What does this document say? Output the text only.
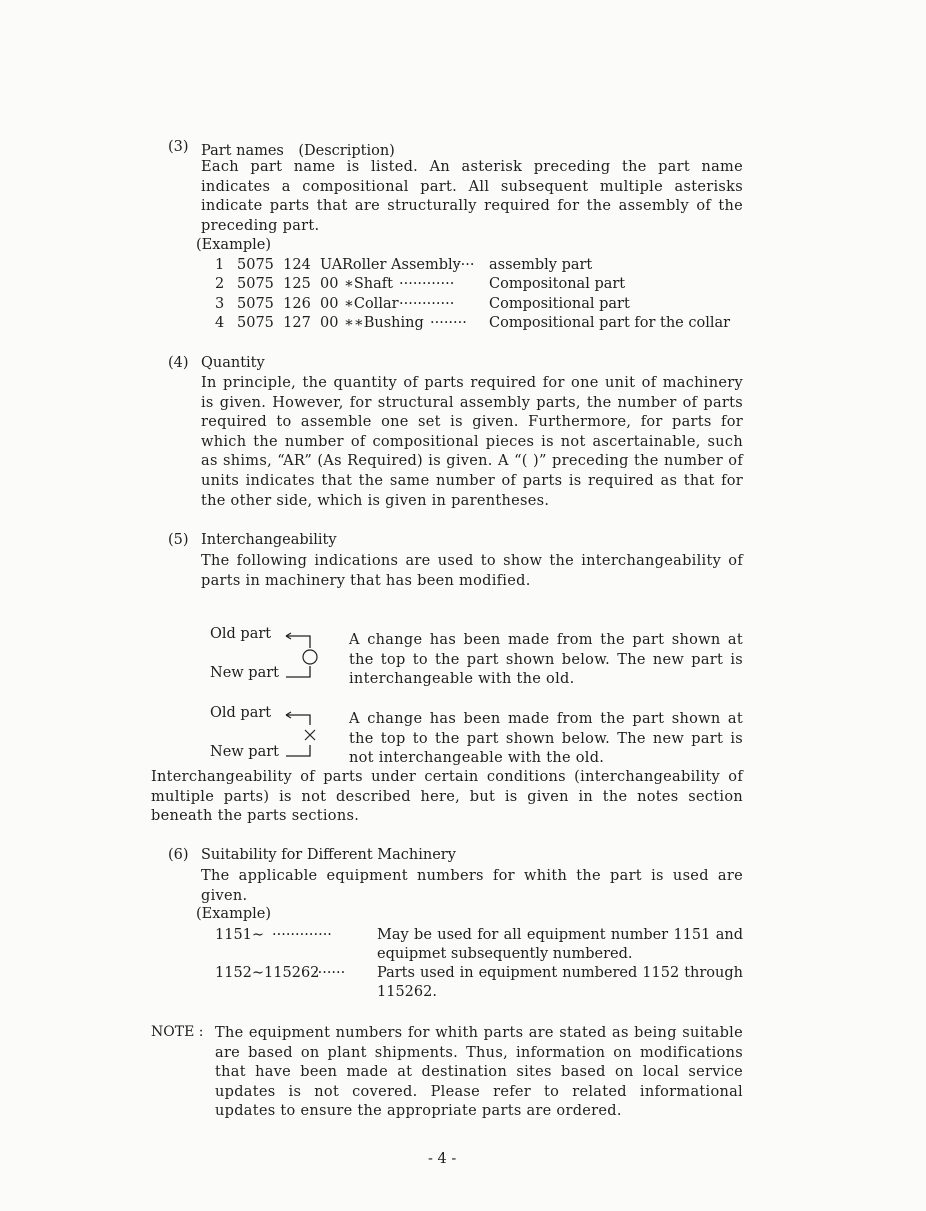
(3) Part names　(Description)
Each part name is listed. An asterisk preceding the part name indicates a compositional part. All subsequent multiple asterisks indicate parts that are structurally required for the assembly of the preceding part.
(Example)
1 5075  124  UA Roller Assembly
···· assembly part
2 5075  125  00 ∗Shaft ············ Compositonal part
3 5075  126  00 ∗Collar ············ Compositional part
4 5075  127  00 ∗∗Bushing ········ Compositional part for the collar
(4) Quantity
In principle, the quantity of parts required for one unit of machinery is given. However, for structural assembly parts, the number of parts required to assemble one set is given. Furthermore, for parts for which the number of compositional pieces is not ascertainable, such as shims, “AR” (As Required) is given. A “( )” preceding the number of units indicates that the same number of parts is required as that for the other side, which is given in parentheses.
(5) Interchangeability
The following indications are used to show the interchangeability of parts in machinery that has been modified.
Old part
New part
A change has been made from the part shown at the top to the part shown below. The new part is interchangeable with the old.
Old part
New part
A change has been made from the part shown at the top to the part shown below. The new part is not interchangeable with the old.
Interchangeability of parts under certain conditions (interchangeability of multiple parts) is not described here, but is given in the notes section beneath the parts sections.
(6) Suitability for Different Machinery
The applicable equipment numbers for whith the part is used are given.
(Example)
1151∼ ·············	May be used for all equipment number 1151 and
equipmet subsequently numbered.
1152∼115262
······· Parts used in equipment numbered 1152 through
115262.
NOTE : The equipment numbers for whith parts are stated as being suitable are based on plant shipments. Thus, information on modifications that have been made at destination sites based on local service updates is not covered. Please refer to related informational updates to ensure the appropriate parts are ordered.
- 4 -
